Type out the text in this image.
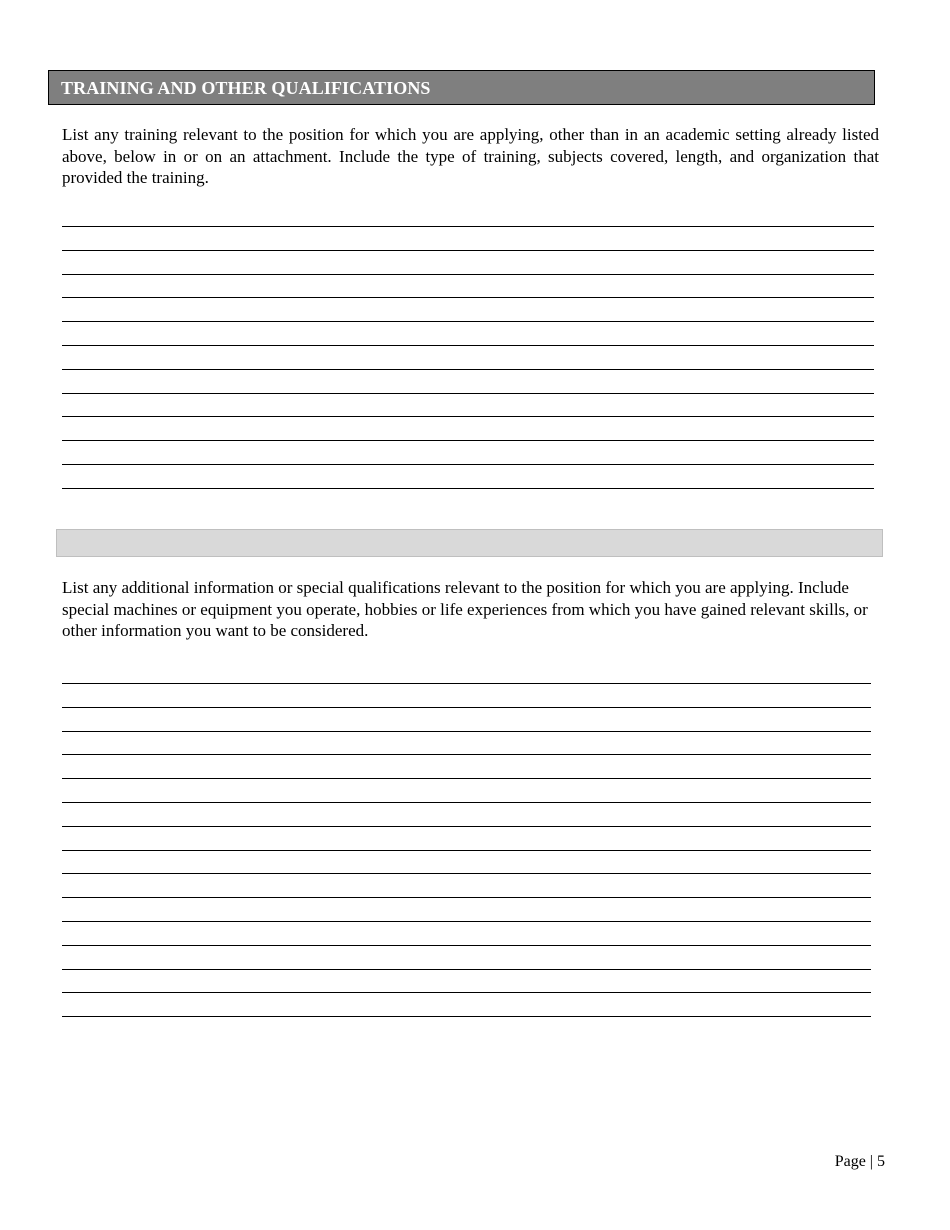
TRAINING AND OTHER QUALIFICATIONS
List any training relevant to the position for which you are applying, other than in an academic setting already listed above, below in or on an attachment. Include the type of training, subjects covered, length, and organization that provided the training.
List any additional information or special qualifications relevant to the position for which you are applying. Include special machines or equipment you operate, hobbies or life experiences from which you have gained relevant skills, or other information you want to be considered.
Page | 5
